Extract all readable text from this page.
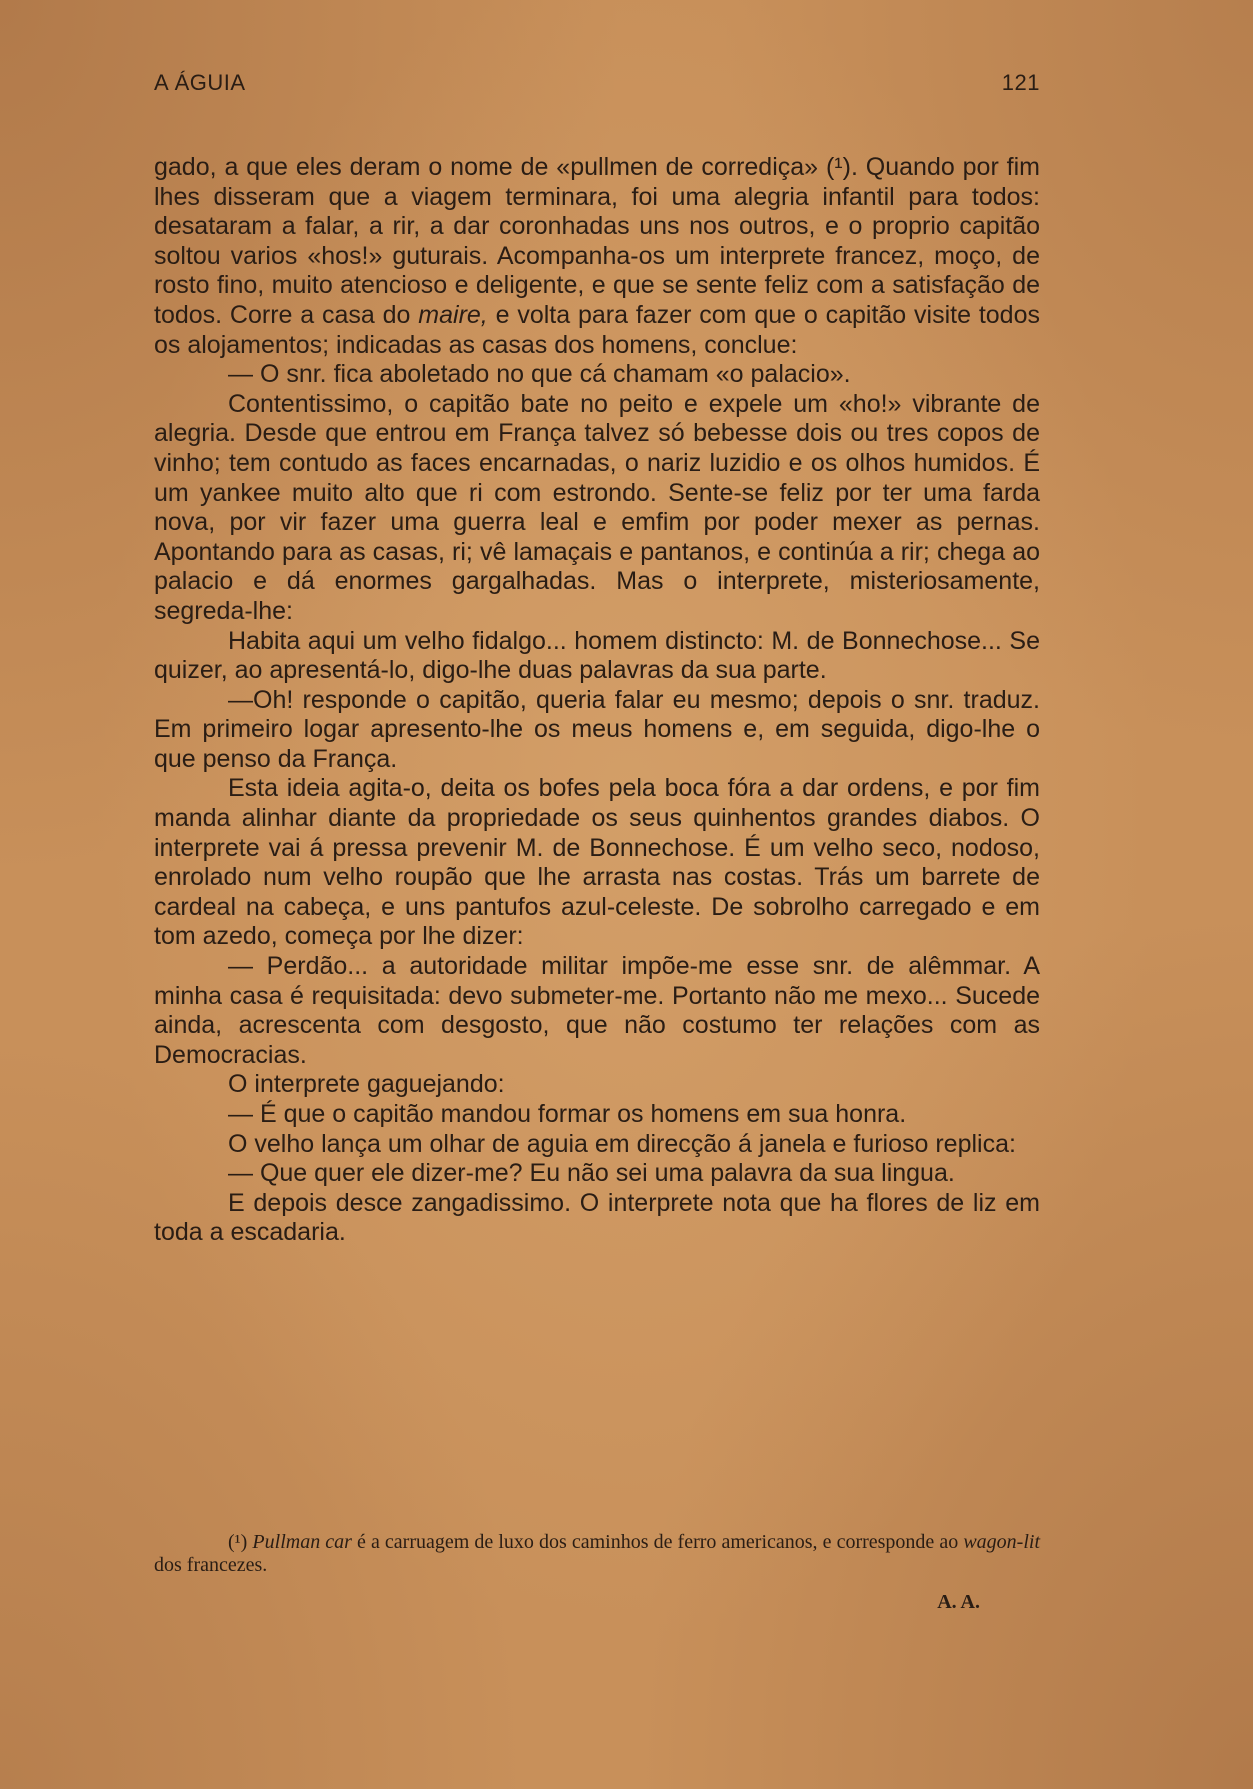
A ÁGUIA	121

gado, a que eles deram o nome de «pullmen de corrediça» (¹). Quando por fim lhes disseram que a viagem terminara, foi uma alegria infantil para todos: desataram a falar, a rir, a dar coronhadas uns nos outros, e o proprio capitão soltou varios «hos!» guturais. Acompanha-os um interprete francez, moço, de rosto fino, muito atencioso e deligente, e que se sente feliz com a satisfação de todos. Corre a casa do maire, e volta para fazer com que o capitão visite todos os alojamentos; indicadas as casas dos homens, conclue:

— O snr. fica aboletado no que cá chamam «o palacio».

Contentissimo, o capitão bate no peito e expele um «ho!» vibrante de alegria. Desde que entrou em França talvez só bebesse dois ou tres copos de vinho; tem contudo as faces encarnadas, o nariz luzidio e os olhos humidos. É um yankee muito alto que ri com estrondo. Sente-se feliz por ter uma farda nova, por vir fazer uma guerra leal e emfim por poder mexer as pernas. Apontando para as casas, ri; vê lamaçais e pantanos, e continúa a rir; chega ao palacio e dá enormes gargalhadas. Mas o interprete, misteriosamente, segreda-lhe:

Habita aqui um velho fidalgo... homem distincto: M. de Bonnechose... Se quizer, ao apresentá-lo, digo-lhe duas palavras da sua parte.

—Oh! responde o capitão, queria falar eu mesmo; depois o snr. traduz. Em primeiro logar apresento-lhe os meus homens e, em seguida, digo-lhe o que penso da França.

Esta ideia agita-o, deita os bofes pela boca fóra a dar ordens, e por fim manda alinhar diante da propriedade os seus quinhentos grandes diabos. O interprete vai á pressa prevenir M. de Bonnechose. É um velho seco, nodoso, enrolado num velho roupão que lhe arrasta nas costas. Trás um barrete de cardeal na cabeça, e uns pantufos azul-celeste. De sobrolho carregado e em tom azedo, começa por lhe dizer:

— Perdão... a autoridade militar impõe-me esse snr. de alêmmar. A minha casa é requisitada: devo submeter-me. Portanto não me mexo... Sucede ainda, acrescenta com desgosto, que não costumo ter relações com as Democracias.

O interprete gaguejando:

— É que o capitão mandou formar os homens em sua honra.

O velho lança um olhar de aguia em direcção á janela e furioso replica:

— Que quer ele dizer-me? Eu não sei uma palavra da sua lingua.

E depois desce zangadissimo. O interprete nota que ha flores de liz em toda a escadaria.

(¹) Pullman car é a carruagem de luxo dos caminhos de ferro americanos, e corresponde ao wagon-lit dos francezes.

A. A.
